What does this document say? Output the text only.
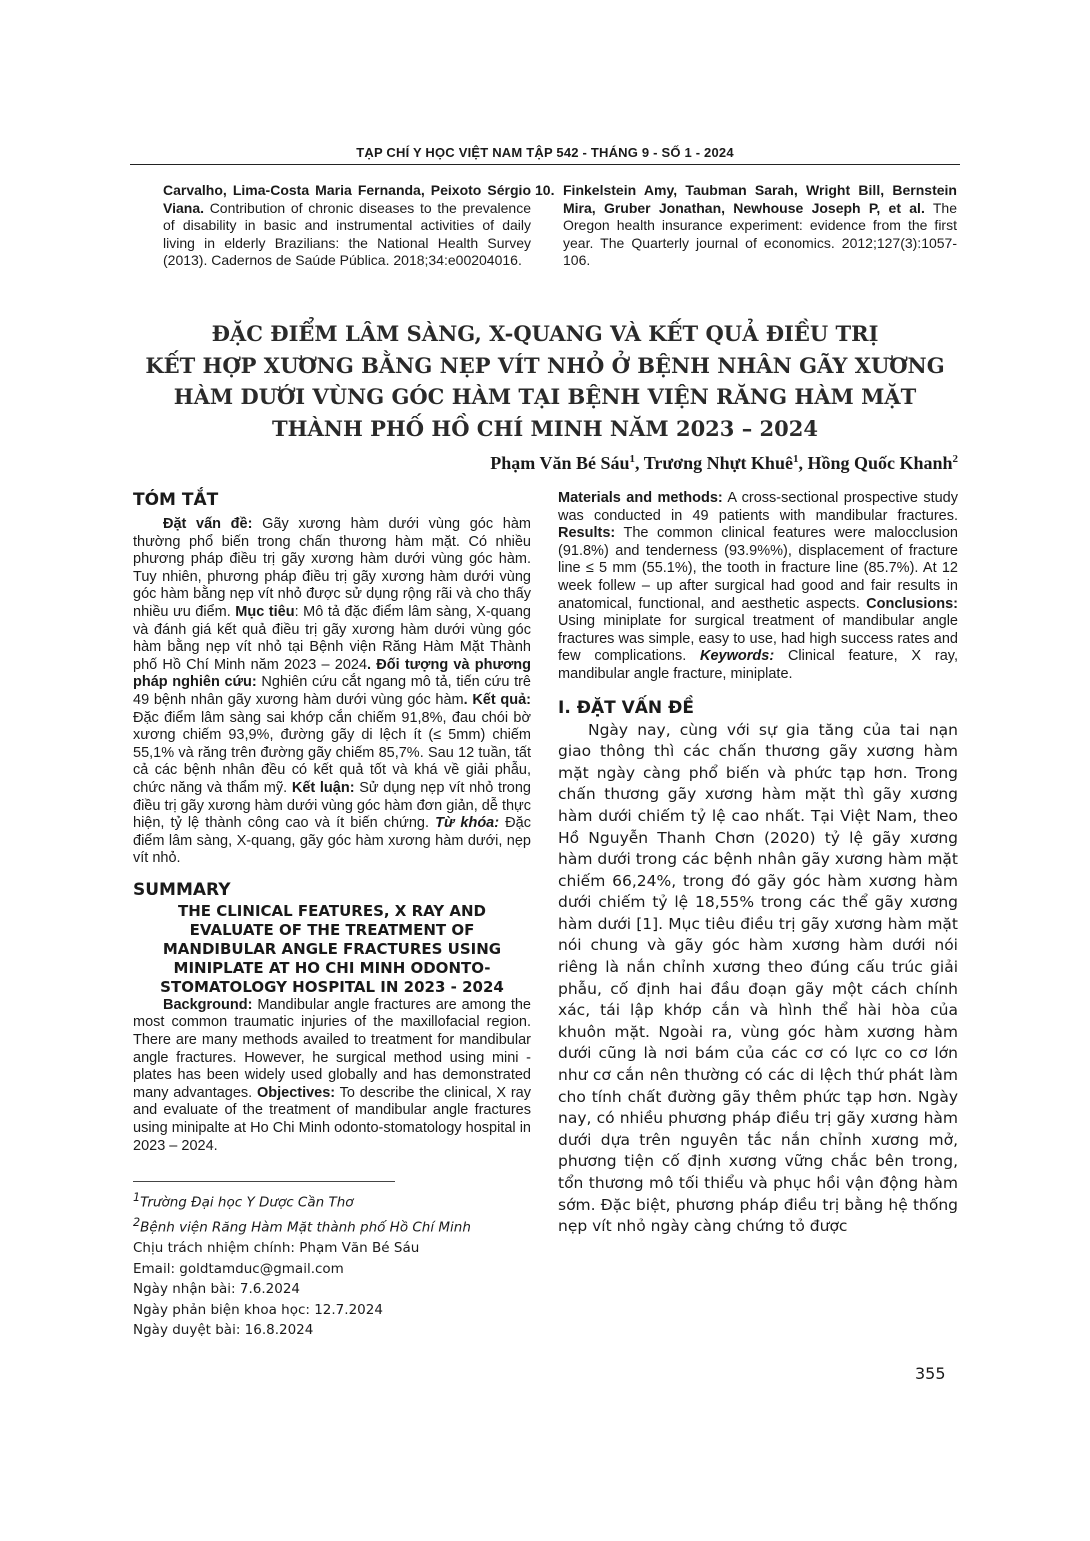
TẠP CHÍ Y HỌC VIỆT NAM TẬP 542 - THÁNG 9 - SỐ 1 - 2024
Carvalho, Lima-Costa Maria Fernanda, Peixoto Sérgio Viana. Contribution of chronic diseases to the prevalence of disability in basic and instrumental activities of daily living in elderly Brazilians: the National Health Survey (2013). Cadernos de Saúde Pública. 2018;34:e00204016.
10. Finkelstein Amy, Taubman Sarah, Wright Bill, Bernstein Mira, Gruber Jonathan, Newhouse Joseph P, et al. The Oregon health insurance experiment: evidence from the first year. The Quarterly journal of economics. 2012;127(3):1057-106.
ĐẶC ĐIỂM LÂM SÀNG, X-QUANG VÀ KẾT QUẢ ĐIỀU TRỊ
KẾT HỢP XƯƠNG BẰNG NẸP VÍT NHỎ Ở BỆNH NHÂN GÃY XƯƠNG
HÀM DƯỚI VÙNG GÓC HÀM TẠI BỆNH VIỆN RĂNG HÀM MẶT
THÀNH PHỐ HỒ CHÍ MINH NĂM 2023 – 2024
Phạm Văn Bé Sáu$^1$, Trương Nhựt Khuê$^1$, Hồng Quốc Khanh$^2$
TÓM TẮT
Đặt vấn đề: Gãy xương hàm dưới vùng góc hàm thường phổ biến trong chấn thương hàm mặt. Có nhiều phương pháp điều trị gãy xương hàm dưới vùng góc hàm. Tuy nhiên, phương pháp điều trị gãy xương hàm dưới vùng góc hàm bằng nẹp vít nhỏ được sử dụng rộng rãi và cho thấy nhiều ưu điểm. Mục tiêu: Mô tả đặc điểm lâm sàng, X-quang và đánh giá kết quả điều trị gãy xương hàm dưới vùng góc hàm bằng nẹp vít nhỏ tại Bệnh viện Răng Hàm Mặt Thành phố Hồ Chí Minh năm 2023 – 2024. Đối tượng và phương pháp nghiên cứu: Nghiên cứu cắt ngang mô tả, tiến cứu trê 49 bệnh nhân gãy xương hàm dưới vùng góc hàm. Kết quả: Đặc điểm lâm sàng sai khớp cắn chiếm 91,8%, đau chói bờ xương chiếm 93,9%, đường gãy di lệch ít (≤ 5mm) chiếm 55,1% và răng trên đường gãy chiếm 85,7%. Sau 12 tuần, tất cả các bệnh nhân đều có kết quả tốt và khá về giải phẫu, chức năng và thẩm mỹ. Kết luận: Sử dụng nẹp vít nhỏ trong điều trị gãy xương hàm dưới vùng góc hàm đơn giản, dễ thực hiện, tỷ lệ thành công cao và ít biến chứng. Từ khóa: Đặc điểm lâm sàng, X-quang, gãy góc hàm xương hàm dưới, nẹp vít nhỏ.
SUMMARY
THE CLINICAL FEATURES, X RAY AND
EVALUATE OF THE TREATMENT OF
MANDIBULAR ANGLE FRACTURES USING
MINIPLATE AT HO CHI MINH ODONTO-
STOMATOLOGY HOSPITAL IN 2023 - 2024
Background: Mandibular angle fractures are among the most common traumatic injuries of the maxillofacial region. There are many methods availed to treatment for mandibular angle fractures. However, he surgical method using mini - plates has been widely used globally and has demonstrated many advantages. Objectives: To describe the clinical, X ray and evaluate of the treatment of mandibular angle fractures using minipalte at Ho Chi Minh odonto-stomatology hospital in 2023 – 2024.
$^1$Trường Đại học Y Dược Cần Thơ
$^2$Bệnh viện Răng Hàm Mặt thành phố Hồ Chí Minh
Chịu trách nhiệm chính: Phạm Văn Bé Sáu
Email: goldtamduc@gmail.com
Ngày nhận bài: 7.6.2024
Ngày phản biện khoa học: 12.7.2024
Ngày duyệt bài: 16.8.2024
Materials and methods: A cross-sectional prospective study was conducted in 49 patients with mandibular fractures. Results: The common clinical features were malocclusion (91.8%) and tenderness (93.9%%), displacement of fracture line ≤ 5 mm (55.1%), the tooth in fracture line (85.7%). At 12 week follew – up after surgical had good and fair results in anatomical, functional, and aesthetic aspects. Conclusions: Using miniplate for surgical treatment of mandibular angle fractures was simple, easy to use, had high success rates and few complications. Keywords: Clinical feature, X ray, mandibular angle fracture, miniplate.
I. ĐẶT VẤN ĐỀ
Ngày nay, cùng với sự gia tăng của tai nạn giao thông thì các chấn thương gãy xương hàm mặt ngày càng phổ biến và phức tạp hơn. Trong chấn thương gãy xương hàm mặt thì gãy xương hàm dưới chiếm tỷ lệ cao nhất. Tại Việt Nam, theo Hồ Nguyễn Thanh Chơn (2020) tỷ lệ gãy xương hàm dưới trong các bệnh nhân gãy xương hàm mặt chiếm 66,24%, trong đó gãy góc hàm xương hàm dưới chiếm tỷ lệ 18,55% trong các thể gãy xương hàm dưới [1]. Mục tiêu điều trị gãy xương hàm mặt nói chung và gãy góc hàm xương hàm dưới nói riêng là nắn chỉnh xương theo đúng cấu trúc giải phẫu, cố định hai đầu đoạn gãy một cách chính xác, tái lập khớp cắn và hình thể hài hòa của khuôn mặt. Ngoài ra, vùng góc hàm xương hàm dưới cũng là nơi bám của các cơ có lực co cơ lớn như cơ cắn nên thường có các di lệch thứ phát làm cho tính chất đường gãy thêm phức tạp hơn. Ngày nay, có nhiều phương pháp điều trị gãy xương hàm dưới dựa trên nguyên tắc nắn chỉnh xương mở, phương tiện cố định xương vững chắc bên trong, tổn thương mô tối thiểu và phục hồi vận động hàm sớm. Đặc biệt, phương pháp điều trị bằng hệ thống nẹp vít nhỏ ngày càng chứng tỏ được
355
